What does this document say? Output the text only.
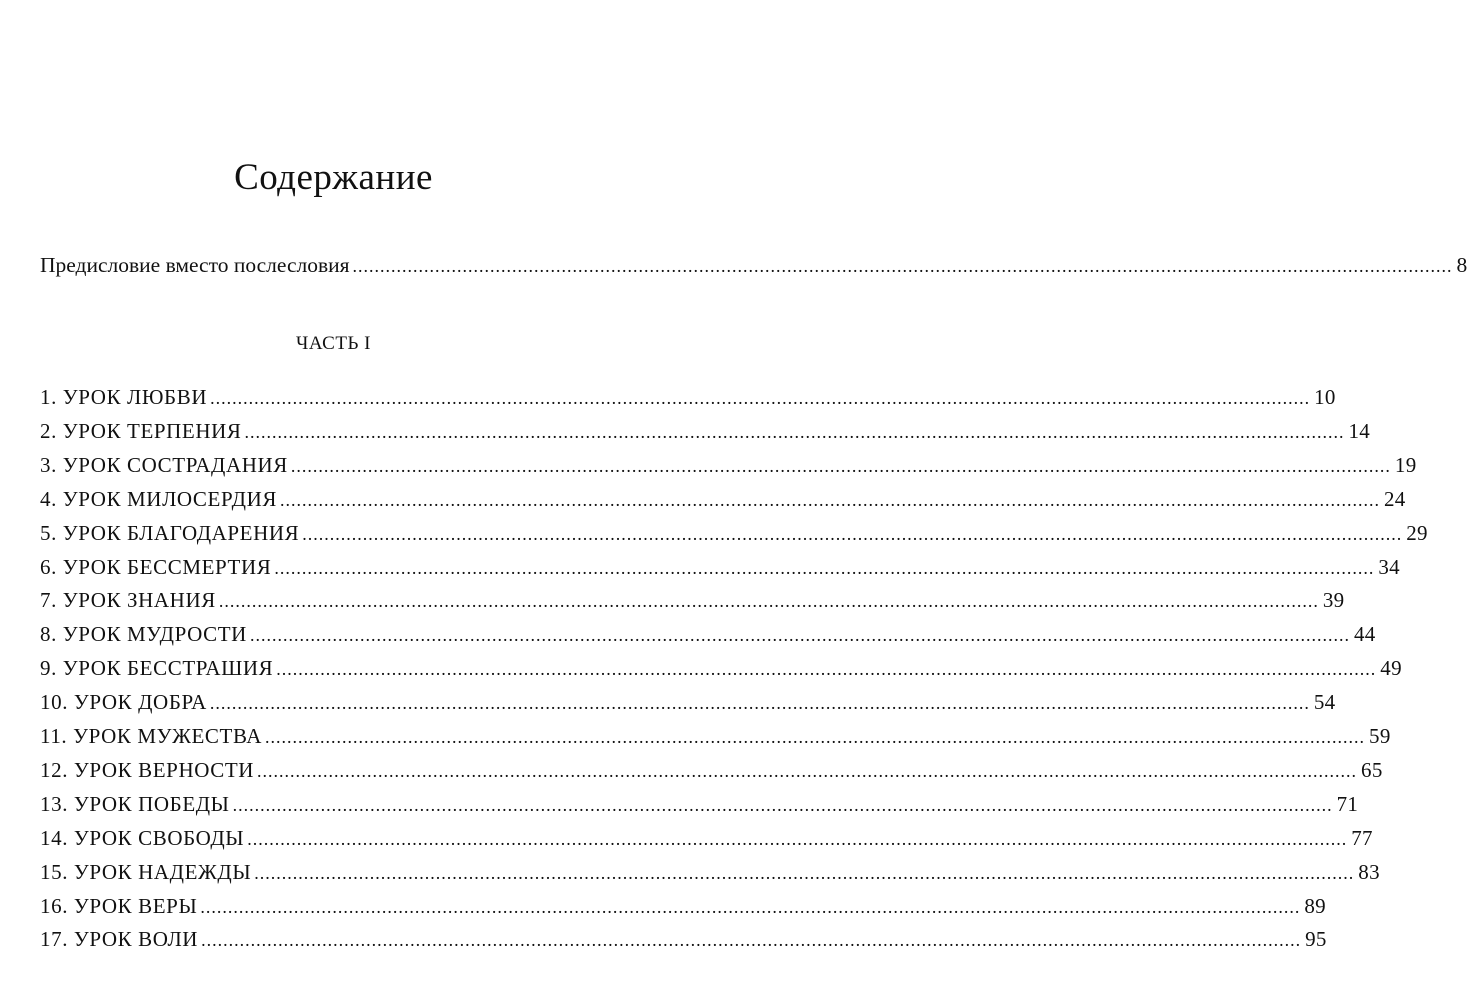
Содержание
Предисловие вместо послесловия ........................................................................................................................................................................................................ 8
ЧАСТЬ I
1. УРОК ЛЮБВИ ........................................................................................................................................................................................................ 10
2. УРОК ТЕРПЕНИЯ ........................................................................................................................................................................................................ 14
3. УРОК СОСТРАДАНИЯ ........................................................................................................................................................................................................ 19
4. УРОК МИЛОСЕРДИЯ ........................................................................................................................................................................................................ 24
5. УРОК БЛАГОДАРЕНИЯ ........................................................................................................................................................................................................ 29
6. УРОК БЕССМЕРТИЯ ........................................................................................................................................................................................................ 34
7. УРОК ЗНАНИЯ ........................................................................................................................................................................................................ 39
8. УРОК МУДРОСТИ ........................................................................................................................................................................................................ 44
9. УРОК БЕССТРАШИЯ ........................................................................................................................................................................................................ 49
10. УРОК ДОБРА ........................................................................................................................................................................................................ 54
11. УРОК МУЖЕСТВА ........................................................................................................................................................................................................ 59
12. УРОК ВЕРНОСТИ ........................................................................................................................................................................................................ 65
13. УРОК ПОБЕДЫ ........................................................................................................................................................................................................ 71
14. УРОК СВОБОДЫ ........................................................................................................................................................................................................ 77
15. УРОК НАДЕЖДЫ ........................................................................................................................................................................................................ 83
16. УРОК ВЕРЫ ........................................................................................................................................................................................................ 89
17. УРОК ВОЛИ ........................................................................................................................................................................................................ 95
